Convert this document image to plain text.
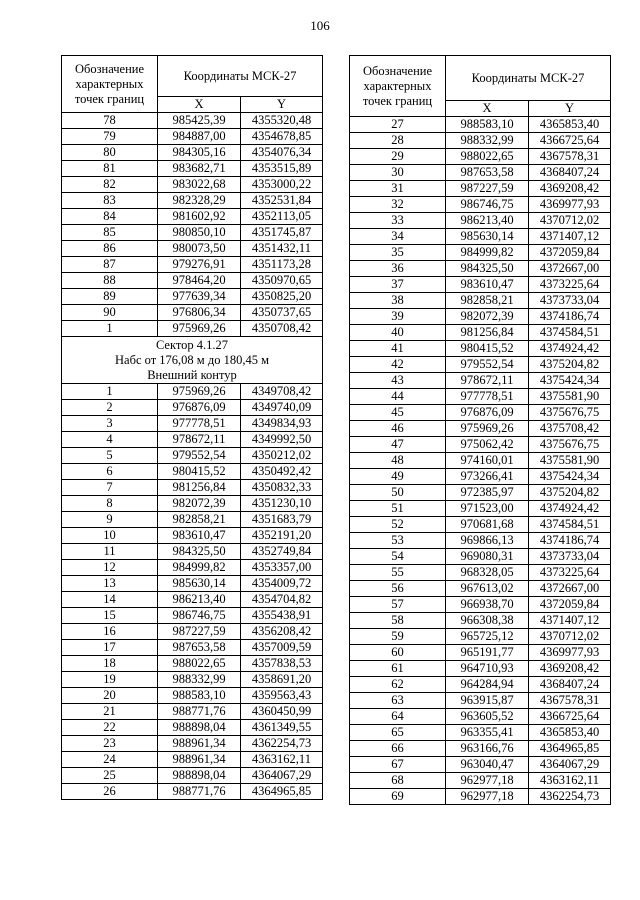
106
Обозначение характерных точек границ	Координаты МСК-27	
	X	Y
78	985425,39	4355320,48
79	984887,00	4354678,85
80	984305,16	4354076,34
81	983682,71	4353515,89
82	983022,68	4353000,22
83	982328,29	4352531,84
84	981602,92	4352113,05
85	980850,10	4351745,87
86	980073,50	4351432,11
87	979276,91	4351173,28
88	978464,20	4350970,65
89	977639,34	4350825,20
90	976806,34	4350737,65
1	975969,26	4350708,42

Сектор 4.1.27
Набс от 176,08 м до 180,45 м
Внешний контур		

1	975969,26	4349708,42
2	976876,09	4349740,09
3	977778,51	4349834,93
4	978672,11	4349992,50
5	979552,54	4350212,02
6	980415,52	4350492,42
7	981256,84	4350832,33
8	982072,39	4351230,10
9	982858,21	4351683,79
10	983610,47	4352191,20
11	984325,50	4352749,84
12	984999,82	4353357,00
13	985630,14	4354009,72
14	986213,40	4354704,82
15	986746,75	4355438,91
16	987227,59	4356208,42
17	987653,58	4357009,59
18	988022,65	4357838,53
19	988332,99	4358691,20
20	988583,10	4359563,43
21	988771,76	4360450,99
22	988898,04	4361349,55
23	988961,34	4362254,73
24	988961,34	4363162,11
25	988898,04	4364067,29
26	988771,76	4364965,85
Обозначение характерных точек границ	Координаты МСК-27	
	X	Y
27	988583,10	4365853,40
28	988332,99	4366725,64
29	988022,65	4367578,31
30	987653,58	4368407,24
31	987227,59	4369208,42
32	986746,75	4369977,93
33	986213,40	4370712,02
34	985630,14	4371407,12
35	984999,82	4372059,84
36	984325,50	4372667,00
37	983610,47	4373225,64
38	982858,21	4373733,04
39	982072,39	4374186,74
40	981256,84	4374584,51
41	980415,52	4374924,42
42	979552,54	4375204,82
43	978672,11	4375424,34
44	977778,51	4375581,90
45	976876,09	4375676,75
46	975969,26	4375708,42
47	975062,42	4375676,75
48	974160,01	4375581,90
49	973266,41	4375424,34
50	972385,97	4375204,82
51	971523,00	4374924,42
52	970681,68	4374584,51
53	969866,13	4374186,74
54	969080,31	4373733,04
55	968328,05	4373225,64
56	967613,02	4372667,00
57	966938,70	4372059,84
58	966308,38	4371407,12
59	965725,12	4370712,02
60	965191,77	4369977,93
61	964710,93	4369208,42
62	964284,94	4368407,24
63	963915,87	4367578,31
64	963605,52	4366725,64
65	963355,41	4365853,40
66	963166,76	4364965,85
67	963040,47	4364067,29
68	962977,18	4363162,11
69	962977,18	4362254,73
